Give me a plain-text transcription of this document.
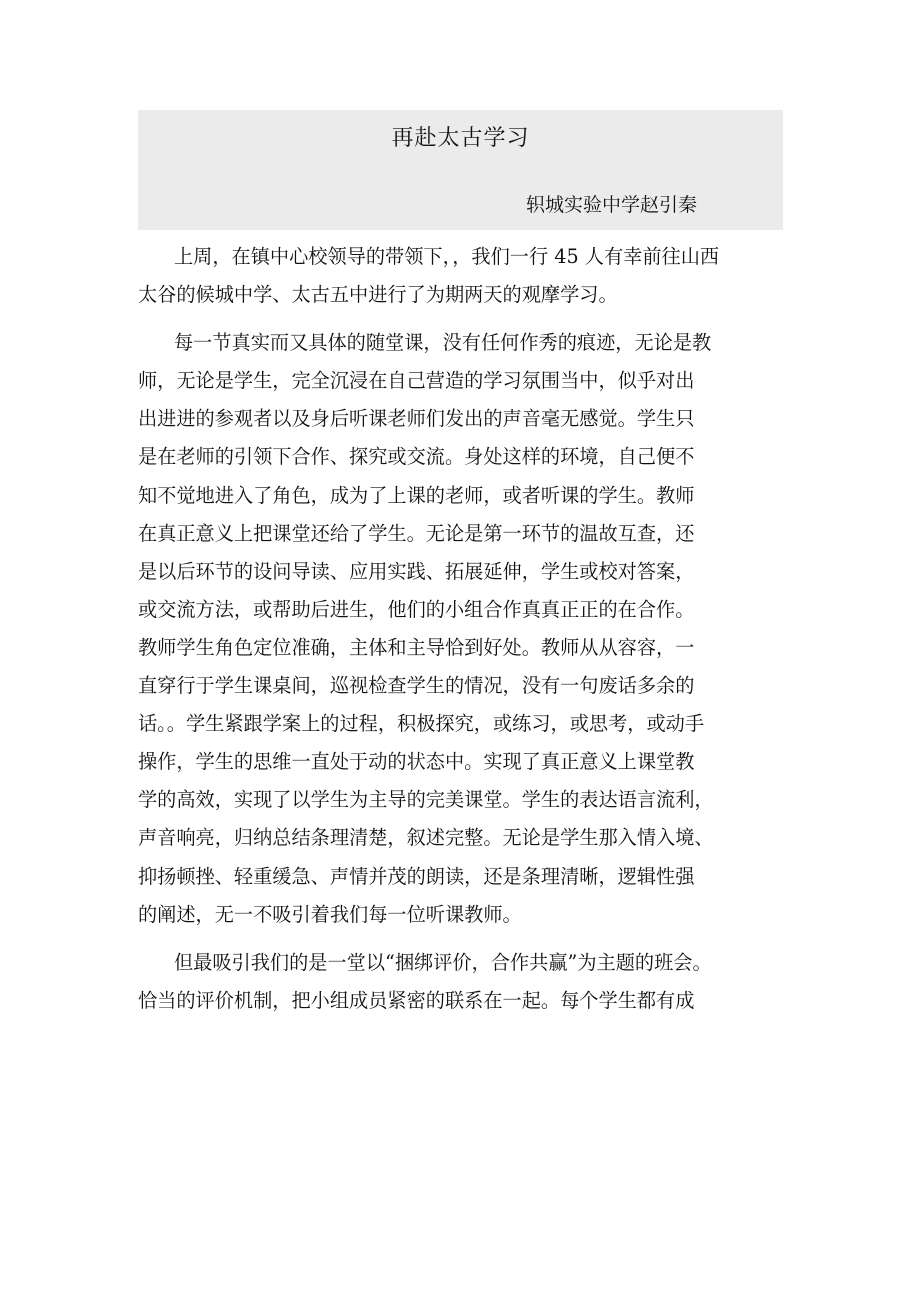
再赴太古学习
轵城实验中学赵引秦
上周，在镇中心校领导的带领下，，我们一行 45 人有幸前往山西
太谷的候城中学、太古五中进行了为期两天的观摩学习。
每一节真实而又具体的随堂课，没有任何作秀的痕迹，无论是教
师，无论是学生，完全沉浸在自己营造的学习氛围当中，似乎对出
出进进的参观者以及身后听课老师们发出的声音毫无感觉。学生只
是在老师的引领下合作、探究或交流。身处这样的环境，自己便不
知不觉地进入了角色，成为了上课的老师，或者听课的学生。教师
在真正意义上把课堂还给了学生。无论是第一环节的温故互查，还
是以后环节的设问导读、应用实践、拓展延伸，学生或校对答案，
或交流方法，或帮助后进生，他们的小组合作真真正正的在合作。
教师学生角色定位准确，主体和主导恰到好处。教师从从容容，一
直穿行于学生课桌间，巡视检查学生的情况，没有一句废话多余的
话。。学生紧跟学案上的过程，积极探究，或练习，或思考，或动手
操作，学生的思维一直处于动的状态中。实现了真正意义上课堂教
学的高效，实现了以学生为主导的完美课堂。学生的表达语言流利，
声音响亮，归纳总结条理清楚，叙述完整。无论是学生那入情入境、
抑扬顿挫、轻重缓急、声情并茂的朗读，还是条理清晰，逻辑性强
的阐述，无一不吸引着我们每一位听课教师。
但最吸引我们的是一堂以“捆绑评价，合作共赢”为主题的班会。
恰当的评价机制，把小组成员紧密的联系在一起。每个学生都有成
